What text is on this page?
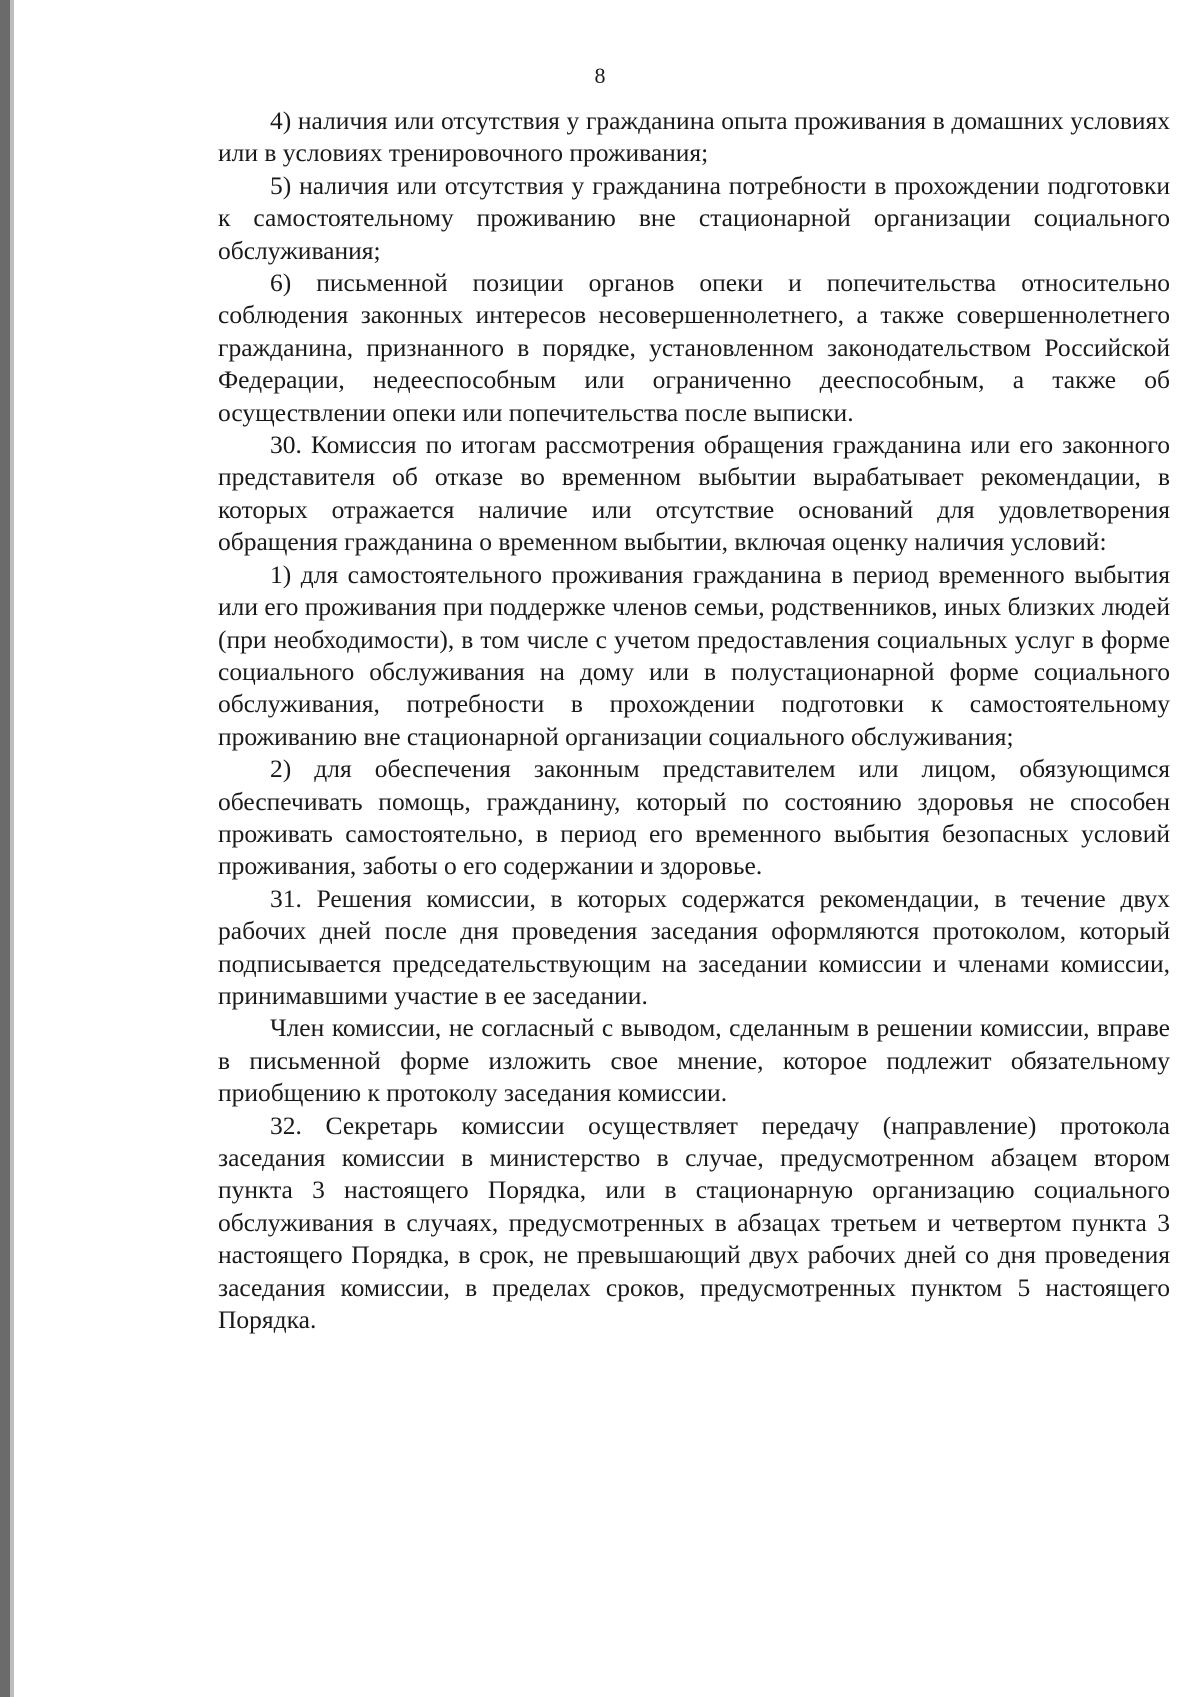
8

4) наличия или отсутствия у гражданина опыта проживания в домашних условиях или в условиях тренировочного проживания;

5) наличия или отсутствия у гражданина потребности в прохождении подготовки к самостоятельному проживанию вне стационарной организации социального обслуживания;

6) письменной позиции органов опеки и попечительства относительно соблюдения законных интересов несовершеннолетнего, а также совершеннолетнего гражданина, признанного в порядке, установленном законодательством Российской Федерации, недееспособным или ограниченно дееспособным, а также об осуществлении опеки или попечительства после выписки.

30. Комиссия по итогам рассмотрения обращения гражданина или его законного представителя об отказе во временном выбытии вырабатывает рекомендации, в которых отражается наличие или отсутствие оснований для удовлетворения обращения гражданина о временном выбытии, включая оценку наличия условий:

1) для самостоятельного проживания гражданина в период временного выбытия или его проживания при поддержке членов семьи, родственников, иных близких людей (при необходимости), в том числе с учетом предоставления социальных услуг в форме социального обслуживания на дому или в полустационарной форме социального обслуживания, потребности в прохождении подготовки к самостоятельному проживанию вне стационарной организации социального обслуживания;

2) для обеспечения законным представителем или лицом, обязующимся обеспечивать помощь, гражданину, который по состоянию здоровья не способен проживать самостоятельно, в период его временного выбытия безопасных условий проживания, заботы о его содержании и здоровье.

31. Решения комиссии, в которых содержатся рекомендации, в течение двух рабочих дней после дня проведения заседания оформляются протоколом, который подписывается председательствующим на заседании комиссии и членами комиссии, принимавшими участие в ее заседании.

Член комиссии, не согласный с выводом, сделанным в решении комиссии, вправе в письменной форме изложить свое мнение, которое подлежит обязательному приобщению к протоколу заседания комиссии.

32. Секретарь комиссии осуществляет передачу (направление) протокола заседания комиссии в министерство в случае, предусмотренном абзацем втором пункта 3 настоящего Порядка, или в стационарную организацию социального обслуживания в случаях, предусмотренных в абзацах третьем и четвертом пункта 3 настоящего Порядка, в срок, не превышающий двух рабочих дней со дня проведения заседания комиссии, в пределах сроков, предусмотренных пунктом 5 настоящего Порядка.
